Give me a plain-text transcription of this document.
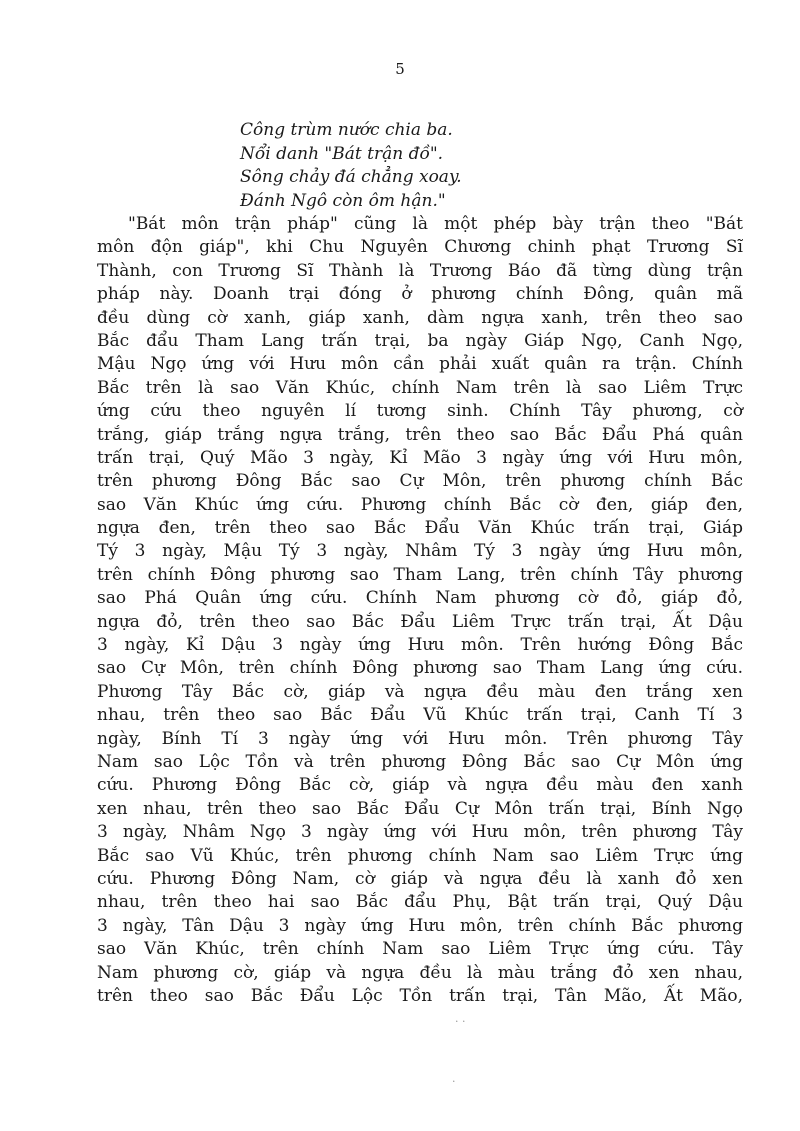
5
Công trùm nước chia ba.
Nổi danh "Bát trận đồ".
Sông chảy đá chẳng xoay.
Đánh Ngô còn ôm hận."
"Bát môn trận pháp" cũng là một phép bày trận theo "Bát
môn độn giáp", khi Chu Nguyên Chương chinh phạt Trương Sĩ
Thành, con Trương Sĩ Thành là Trương Báo đã từng dùng trận
pháp này. Doanh trại đóng ở phương chính Đông, quân mã
đều dùng cờ xanh, giáp xanh, dàm ngựa xanh, trên theo sao
Bắc đẩu Tham Lang trấn trại, ba ngày Giáp Ngọ, Canh Ngọ,
Mậu Ngọ ứng với Hưu môn cần phải xuất quân ra trận. Chính
Bắc trên là sao Văn Khúc, chính Nam trên là sao Liêm Trực
ứng cứu theo nguyên lí tương sinh. Chính Tây phương, cờ
trắng, giáp trắng ngựa trắng, trên theo sao Bắc Đẩu Phá quân
trấn trại, Quý Mão 3 ngày, Kỉ Mão 3 ngày ứng với Hưu môn,
trên phương Đông Bắc sao Cự Môn, trên phương chính Bắc
sao Văn Khúc ứng cứu. Phương chính Bắc cờ đen, giáp đen,
ngựa đen, trên theo sao Bắc Đẩu Văn Khúc trấn trại, Giáp
Tý 3 ngày, Mậu Tý 3 ngày, Nhâm Tý 3 ngày ứng Hưu môn,
trên chính Đông phương sao Tham Lang, trên chính Tây phương
sao Phá Quân ứng cứu. Chính Nam phương cờ đỏ, giáp đỏ,
ngựa đỏ, trên theo sao Bắc Đẩu Liêm Trực trấn trại, Ất Dậu
3 ngày, Kỉ Dậu 3 ngày ứng Hưu môn. Trên hướng Đông Bắc
sao Cự Môn, trên chính Đông phương sao Tham Lang ứng cứu.
Phương Tây Bắc cờ, giáp và ngựa đều màu đen trắng xen
nhau, trên theo sao Bắc Đẩu Vũ Khúc trấn trại, Canh Tí 3
ngày, Bính Tí 3 ngày ứng với Hưu môn. Trên phương Tây
Nam sao Lộc Tồn và trên phương Đông Bắc sao Cự Môn ứng
cứu. Phương Đông Bắc cờ, giáp và ngựa đều màu đen xanh
xen nhau, trên theo sao Bắc Đẩu Cự Môn trấn trại, Bính Ngọ
3 ngày, Nhâm Ngọ 3 ngày ứng với Hưu môn, trên phương Tây
Bắc sao Vũ Khúc, trên phương chính Nam sao Liêm Trực ứng
cứu. Phương Đông Nam, cờ giáp và ngựa đều là xanh đỏ xen
nhau, trên theo hai sao Bắc đẩu Phụ, Bật trấn trại, Quý Dậu
3 ngày, Tân Dậu 3 ngày ứng Hưu môn, trên chính Bắc phương
sao Văn Khúc, trên chính Nam sao Liêm Trực ứng cứu. Tây
Nam phương cờ, giáp và ngựa đều là màu trắng đỏ xen nhau,
trên theo sao Bắc Đẩu Lộc Tồn trấn trại, Tân Mão, Ất Mão,
· ·
·
